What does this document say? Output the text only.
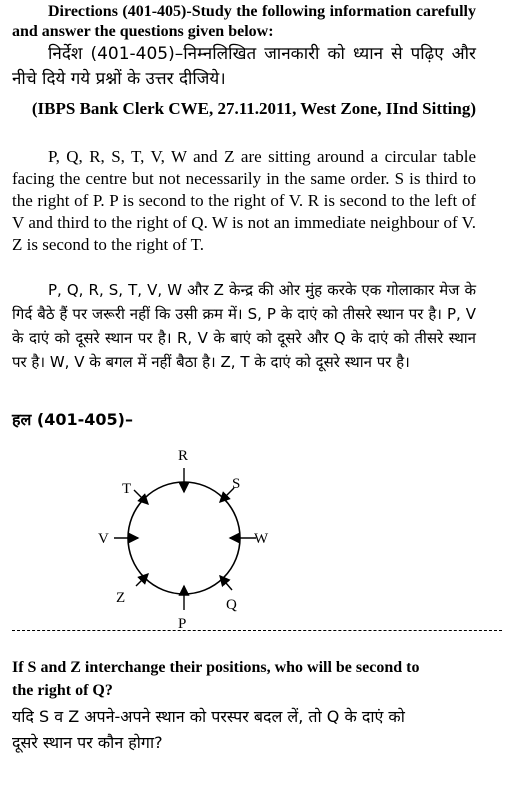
Directions (401-405)-Study the following information carefully and answer the questions given below:
निर्देश (401-405)–निम्नलिखित जानकारी को ध्यान से पढ़िए और नीचे दिये गये प्रश्नों के उत्तर दीजिये।
(IBPS Bank Clerk CWE, 27.11.2011, West Zone, IInd Sitting)
P, Q, R, S, T, V, W and Z are sitting around a circular table facing the centre but not necessarily in the same order. S is third to the right of P. P is second to the right of V. R is second to the left of V and third to the right of Q. W is not an immediate neighbour of V. Z is second to the right of T.
P, Q, R, S, T, V, W और Z केन्द्र की ओर मुंह करके एक गोलाकार मेज के गिर्द बैठे हैं पर जरूरी नहीं कि उसी क्रम में। S, P के दाएं को तीसरे स्थान पर है। P, V के दाएं को दूसरे स्थान पर है। R, V के बाएं को दूसरे और Q के दाएं को तीसरे स्थान पर है। W, V के बगल में नहीं बैठा है। Z, T के दाएं को दूसरे स्थान पर है।
हल (401-405)–
R
S
W
Q
P
Z
V
T
If S and Z interchange their positions, who will be second to the right of Q?
यदि S व Z अपने-अपने स्थान को परस्पर बदल लें, तो Q के दाएं को दूसरे स्थान पर कौन होगा?
